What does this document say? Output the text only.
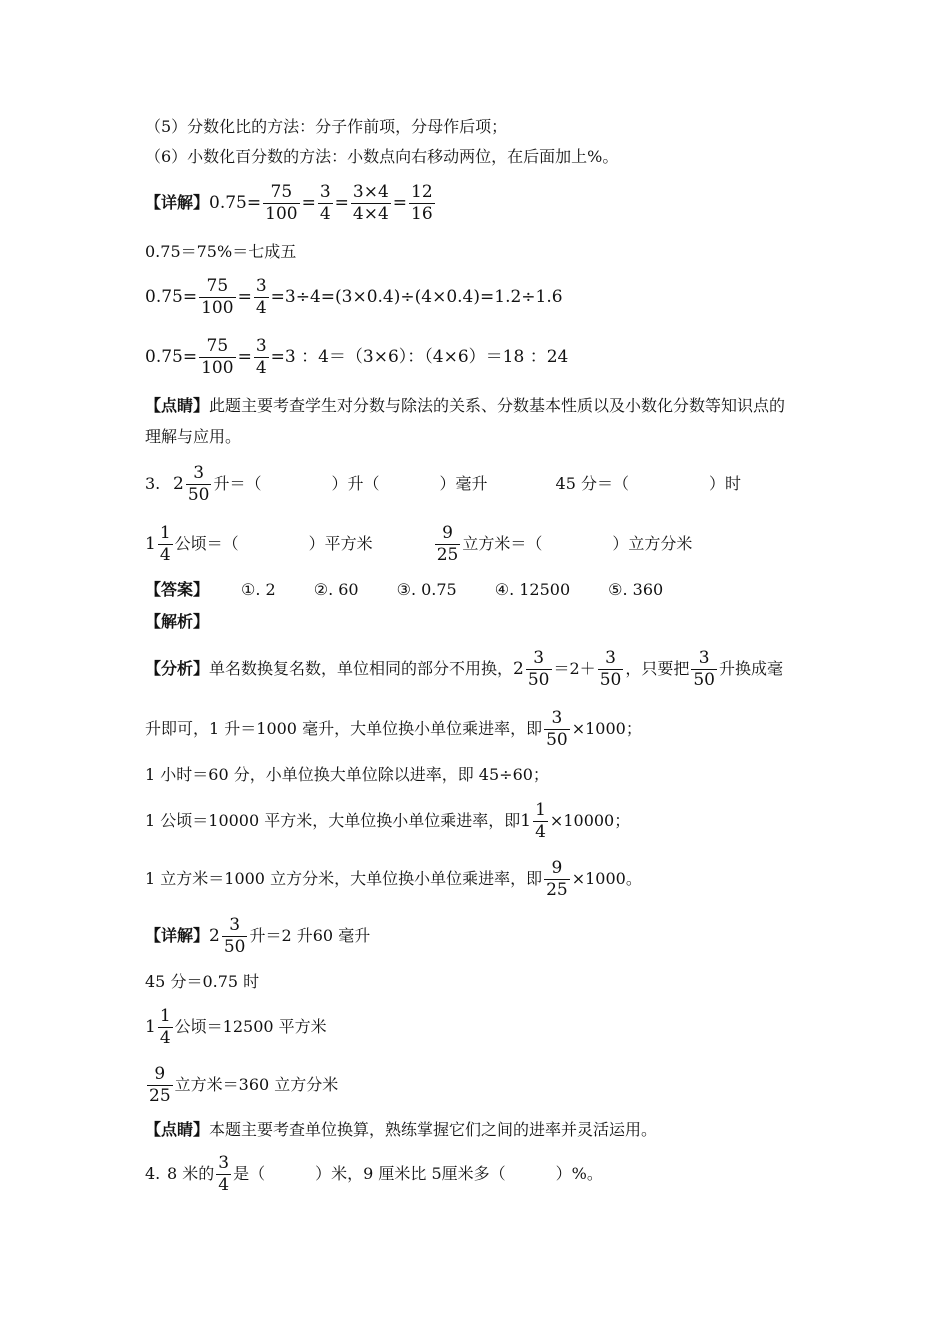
（5）分数化比的方法：分子作前项，分母作后项；
（6）小数化百分数的方法：小数点向右移动两位，在后面加上%。
【详解】 $0.75= \frac{75}{100} = \frac{3}{4} = \frac{3\times 4}{4\times 4} = \frac{12}{16}$
0.75＝75%＝七成五
$0.75= \frac{75}{100} = \frac{3}{4} =3\div 4= (3\times 0.4) \div (4\times 0.4) =1.2\div 1.6$
$0.75= \frac{75}{100} = \frac{3}{4} =3$ ：4＝（3×6）：（4×6）＝18 ：24
【点睛】 此题主要考查学生对分数与除法的关系、分数基本性质以及小数化分数等知识点的
理解与应用。
3. $2 \frac{3}{50}$ 升＝（	）升（	）毫升	45 分＝（	）时
$1 \frac{1}{4}$ 公顷＝（	）平方米	$\frac{9}{25}$ 立方米＝（	）立方分米
【答案】 ①. 2 ②. 60 ③. 0.75 ④. 12500 ⑤. 360
【解析】
【分析】 单名数换复名数，单位相同的部分不用换， $2 \frac{3}{50} =2+ \frac{3}{50}$ ，只要把 $\frac{3}{50}$ 升换成毫
升即可，1 升＝1000 毫升，大单位换小单位乘进率，即 $\frac{3}{50} \times 1000$；
1 小时＝60 分，小单位换大单位除以进率，即 45÷60；
1 公顷＝10000 平方米，大单位换小单位乘进率，即 $1 \frac{1}{4} \times 10000$；
1 立方米＝1000 立方分米，大单位换小单位乘进率，即 $\frac{9}{25} \times 1000$。
【详解】 $2 \frac{3}{50}$ 升＝2 升60 毫升
45 分＝0.75 时
$1 \frac{1}{4}$ 公顷＝12500 平方米
$\frac{9}{25}$ 立方米＝360 立方分米
【点睛】 本题主要考查单位换算，熟练掌握它们之间的进率并灵活运用。
4. 8 米的 $\frac{3}{4}$ 是（	）米，9 厘米比 5厘米多（	）%。
